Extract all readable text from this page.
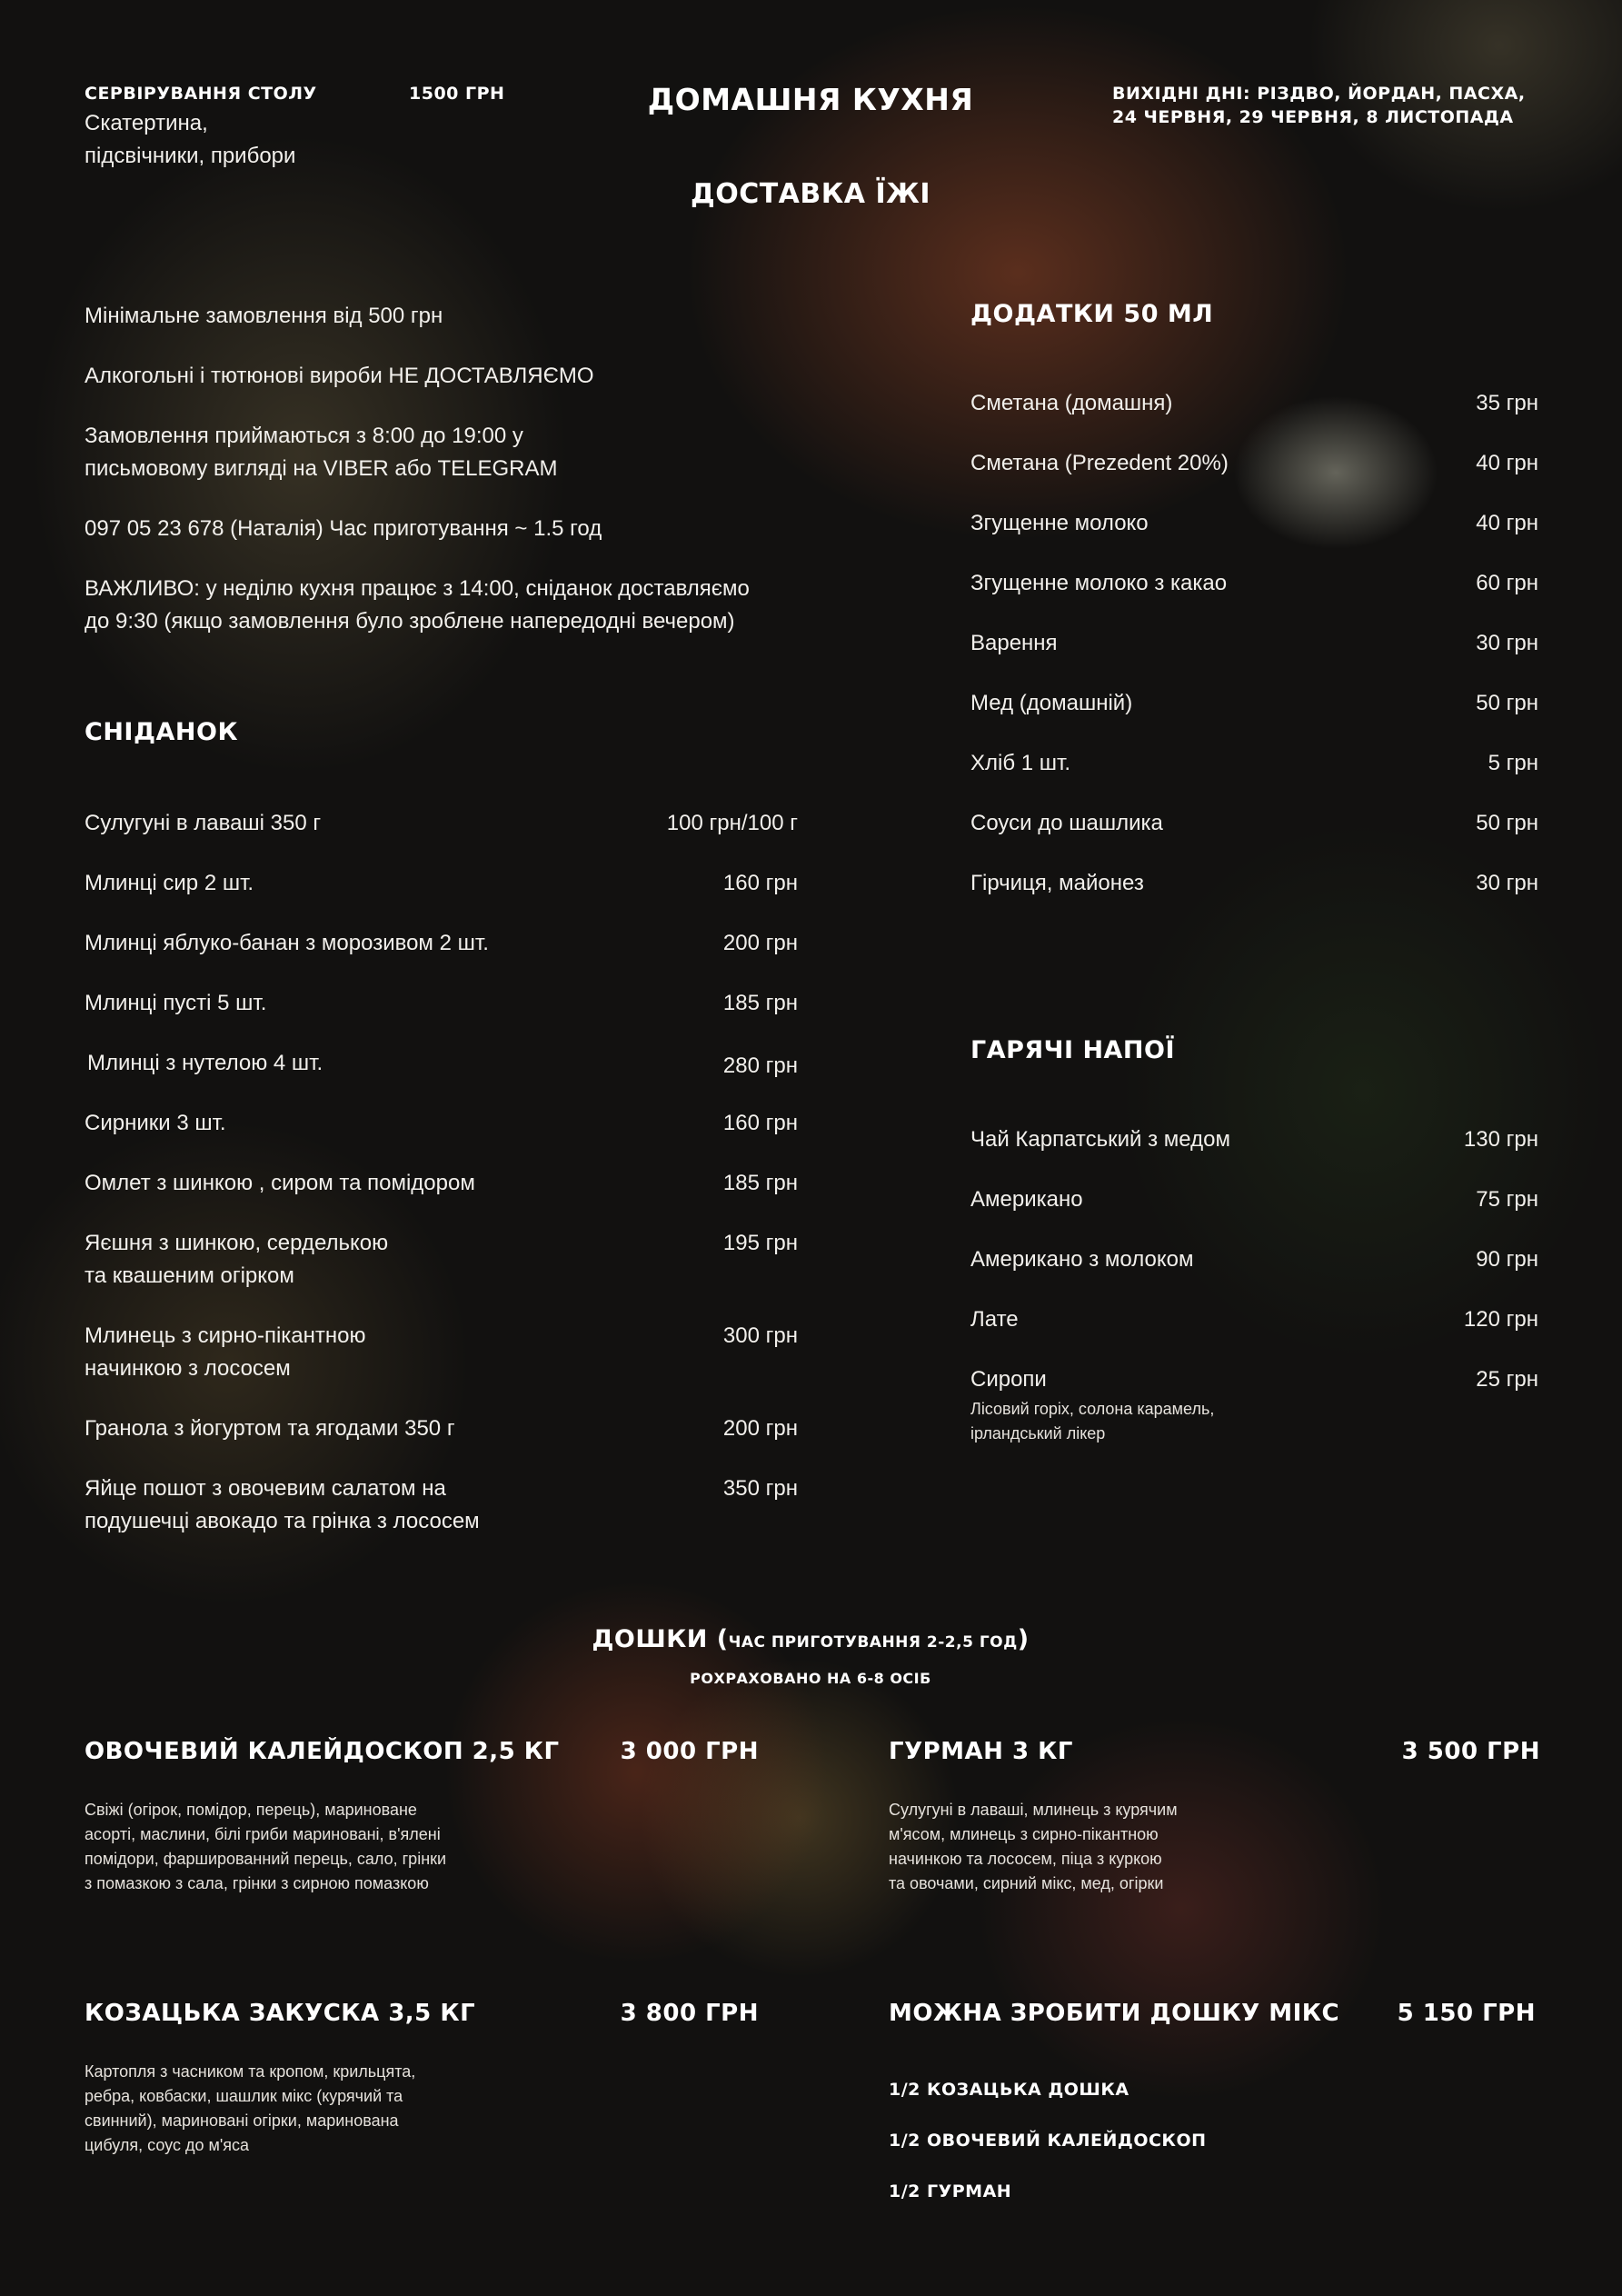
СЕРВІРУВАННЯ СТОЛУ	1500 ГРН
Скатертина,
підсвічники, прибори
ДОМАШНЯ КУХНЯ
ДОСТАВКА ЇЖІ
ВИХІДНІ ДНІ: РІЗДВО, ЙОРДАН, ПАСХА,
24 ЧЕРВНЯ, 29 ЧЕРВНЯ, 8 ЛИСТОПАДА
Мінімальне замовлення від 500 грн
Алкогольні і тютюнові вироби НЕ ДОСТАВЛЯЄМО
Замовлення приймаються з 8:00 до 19:00 у
письмовому вигляді на VIBER або TELEGRAM
097 05 23 678 (Наталія) Час приготування ~ 1.5 год
ВАЖЛИВО: у неділю кухня працює з 14:00, сніданок доставляємо
до 9:30 (якщо замовлення було зроблене напередодні вечером)
СНІДАНОК
Сулугуні в лаваші 350 г	100 грн/100 г
Млинці сир 2 шт.	160 грн
Млинці яблуко-банан з морозивом 2 шт.	200 грн
Млинці пусті 5 шт.	185 грн
Млинці з нутелою 4 шт.	280 грн
Сирники 3 шт.	160 грн
Омлет з шинкою , сиром та помідором	185 грн
Яєшня з шинкою, серделькою
та квашеним огірком
195 грн
Млинець з сирно-пікантною
начинкою з лососем
300 грн
Гранола з йогуртом та ягодами 350 г	200 грн
Яйце пошот з овочевим салатом на
подушечці авокадо та грінка з лососем
350 грн
ДОДАТКИ 50 МЛ
Сметана (домашня)	35 грн
Сметана (Prezedent 20%)	40 грн
Згущенне молоко	40 грн
Згущенне молоко з какао	60 грн
Варення	30 грн
Мед (домашній)	50 грн
Хліб 1 шт.	5 грн
Соуси до шашлика	50 грн
Гірчиця, майонез	30 грн
ГАРЯЧІ НАПОЇ
Чай Карпатський з медом	130 грн
Американо	75 грн
Американо з молоком	90 грн
Лате	120 грн
Сиропи	25 грн
Лісовий горіх, солона карамель,
ірландський лікер
ДОШКИ (ЧАС ПРИГОТУВАННЯ 2-2,5 ГОД)
РОХРАХОВАНО НА 6-8 ОСІБ
ОВОЧЕВИЙ КАЛЕЙДОСКОП 2,5 КГ	3 000 ГРН
Свіжі (огірок, помідор, перець), мариноване
асорті, маслини, білі гриби мариновані, в'ялені
помідори, фаршированний перець, сало, грінки
з помазкою з сала, грінки з сирною помазкою
ГУРМАН 3 КГ	3 500 ГРН
Сулугуні в лаваші, млинець з курячим
м'ясом, млинець з сирно-пікантною
начинкою та лососем, піца з куркою
та овочами, сирний мікс, мед, огірки
КОЗАЦЬКА ЗАКУСКА 3,5 КГ	3 800 ГРН
Картопля з часником та кропом, крильцята,
ребра, ковбаски, шашлик мікс (курячий та
свинний), мариновані огірки, маринована
цибуля, соус до м'яса
МОЖНА ЗРОБИТИ ДОШКУ МІКС	5 150 ГРН
1/2 КОЗАЦЬКА ДОШКА
1/2 ОВОЧЕВИЙ КАЛЕЙДОСКОП
1/2 ГУРМАН
